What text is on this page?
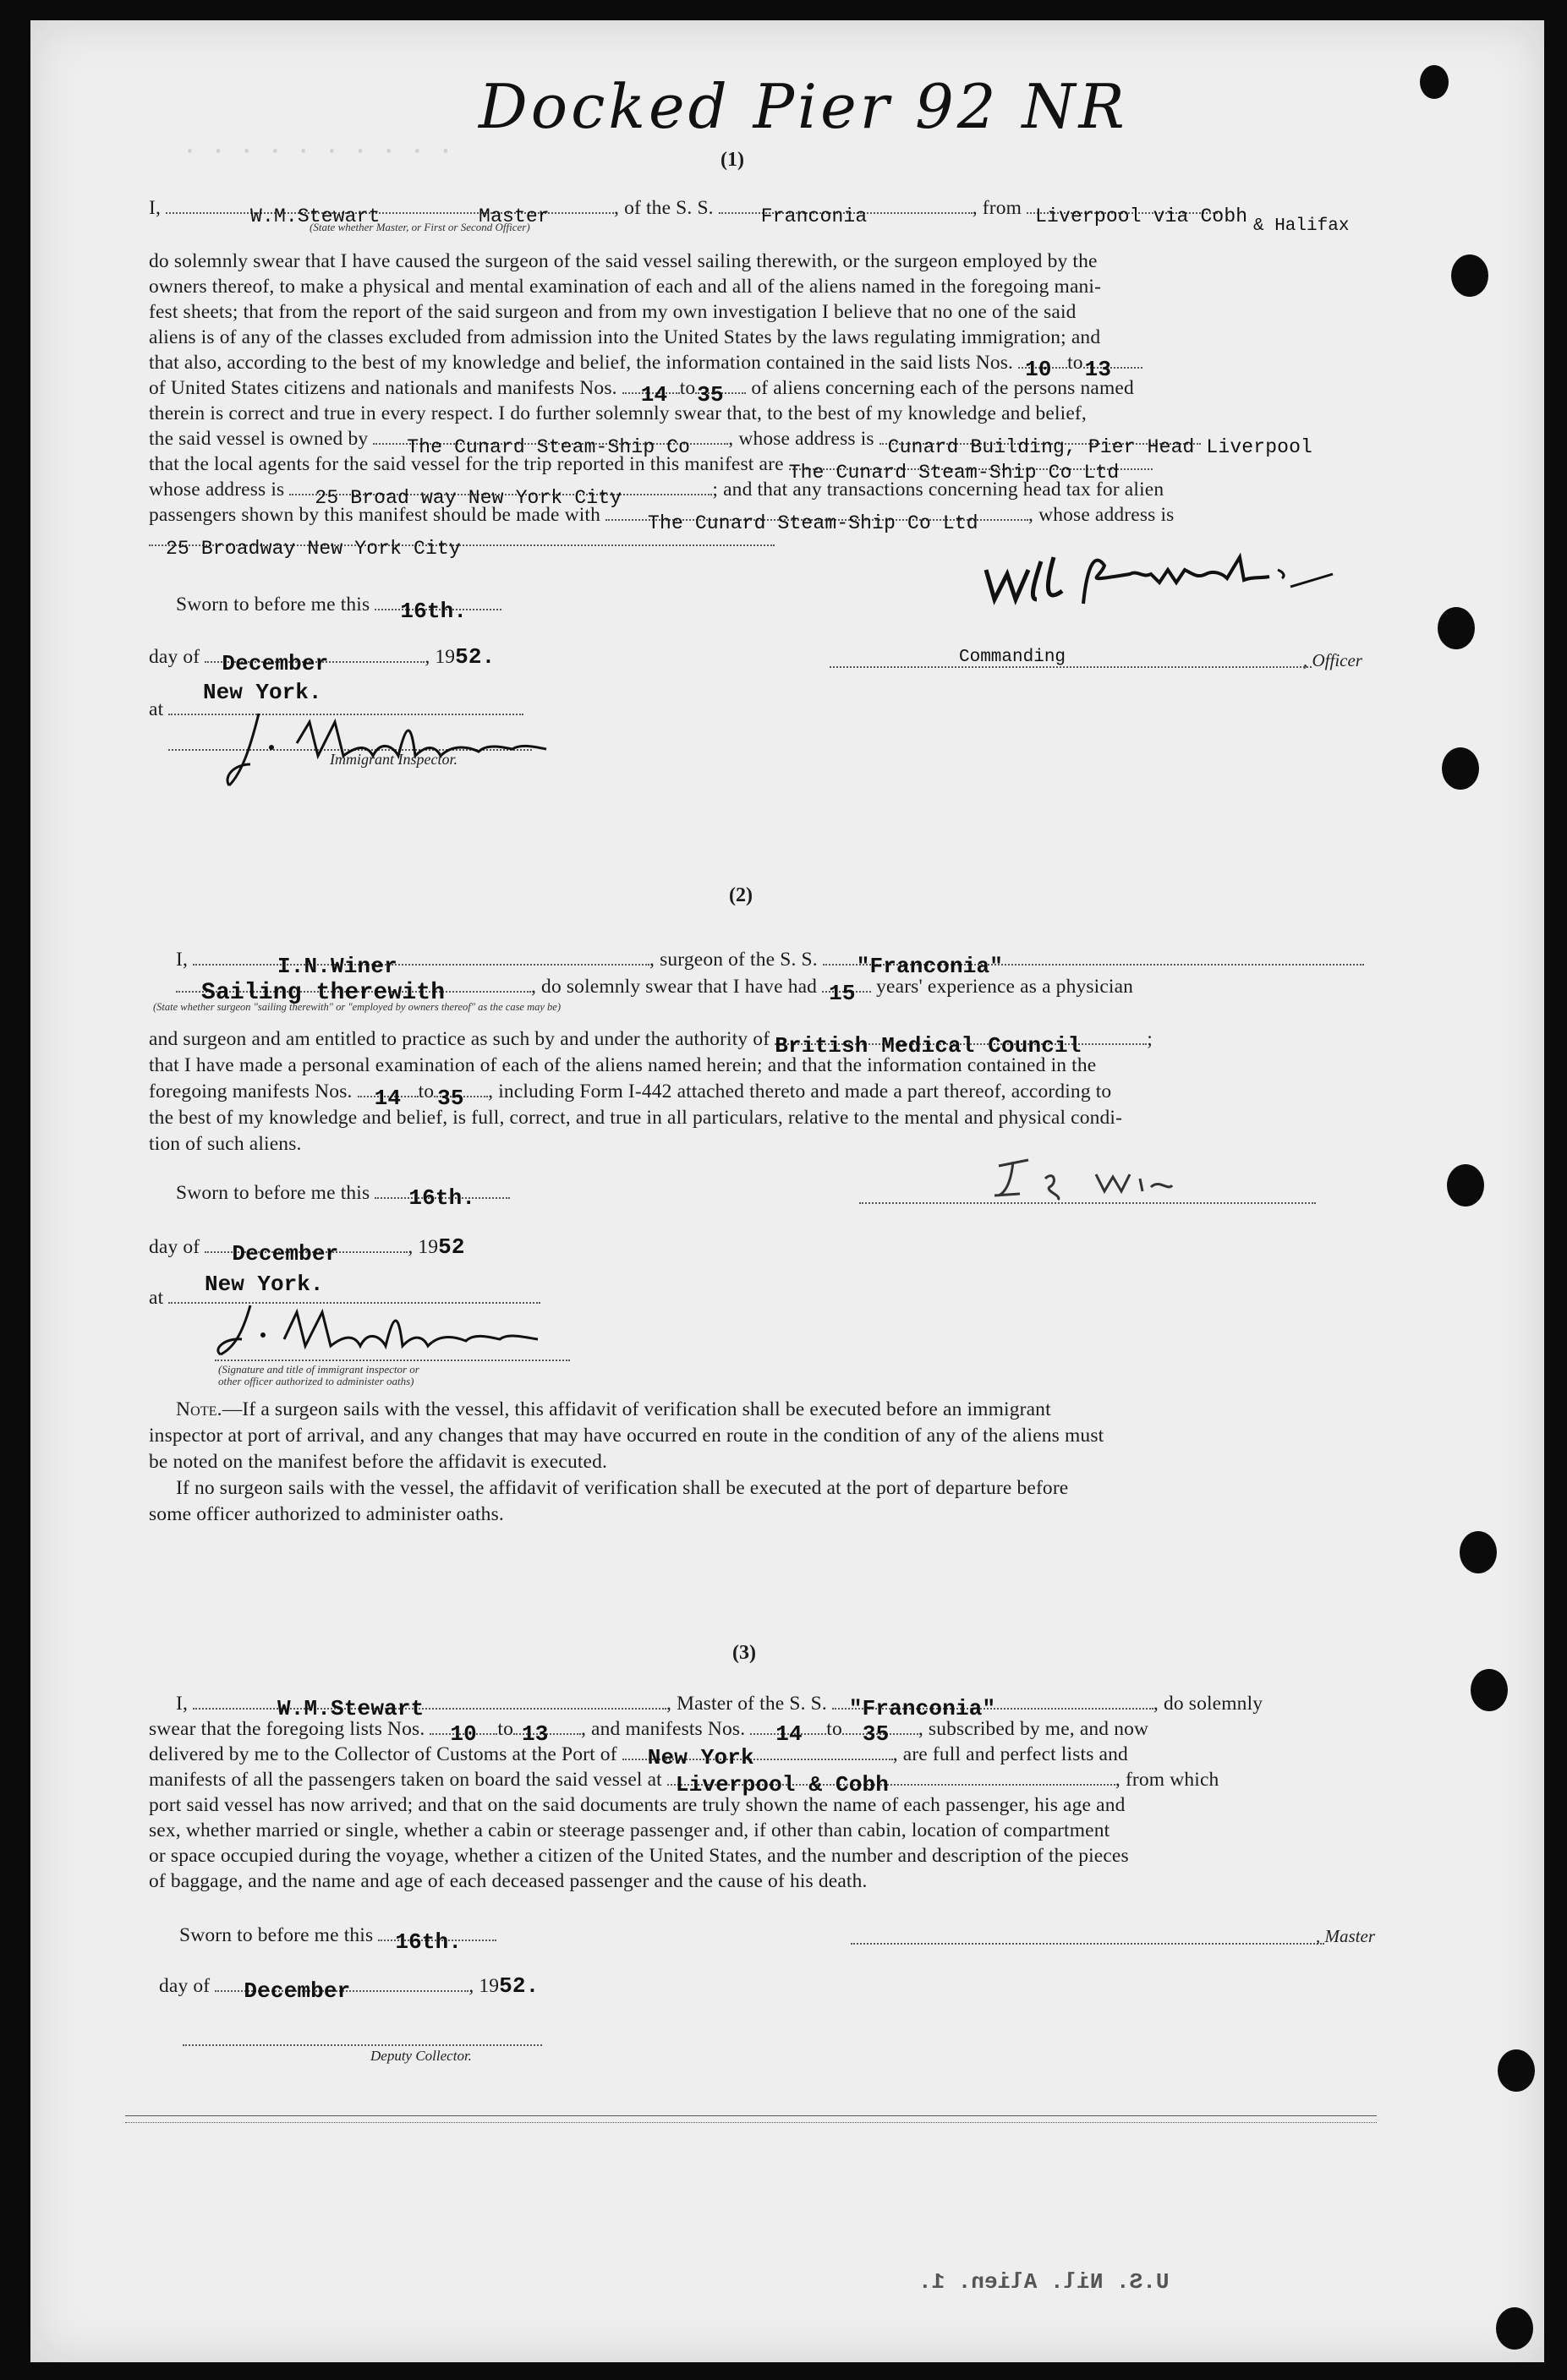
· · · · · · · · · ·
Docked Pier 92 NR
(1)
I,	W.M.Stewart	Master	, of the S. S. Franconia	, from Liverpool via Cobh
(State whether Master, or First or Second Officer)	& Halifax
do solemnly swear that I have caused the surgeon of the said vessel sailing therewith, or the surgeon employed by the
owners thereof, to make a physical and mental examination of each and all of the aliens named in the foregoing mani-
fest sheets; that from the report of the said surgeon and from my own investigation I believe that no one of the said
aliens is of any of the classes excluded from admission into the United States by the laws regulating immigration; and
that also, according to the best of my knowledge and belief, the information contained in the said lists Nos. 10 to 13
of United States citizens and nationals and manifests Nos. 14 to 35 of aliens concerning each of the persons named
therein is correct and true in every respect. I do further solemnly swear that, to the best of my knowledge and belief,
the said vessel is owned by The Cunard Steam-Ship Co , whose address is Cunard Building, Pier Head Liverpool
that the local agents for the said vessel for the trip reported in this manifest are The Cunard Steam-Ship Co Ltd
whose address is 25 Broad way New York City	; and that any transactions concerning head tax for alien
passengers shown by this manifest should be made with The Cunard Steam-Ship Co Ltd	, whose address is
25 Broadway New York City
Sworn to before me this 16th.
day of December	, 1952.
New York.
at
Immigrant Inspector.
Commanding	, Officer
(2)
I,	I.N.Winer	, surgeon of the S. S. "Franconia"
Sailing therewith	, do solemnly swear that I have had 15 years' experience as a physician
(State whether surgeon "sailing therewith" or "employed by owners thereof" as the case may be)
and surgeon and am entitled to practice as such by and under the authority of British Medical Council	;
that I have made a personal examination of each of the aliens named herein; and that the information contained in the
foregoing manifests Nos. 14 to 35 , including Form I-442 attached thereto and made a part thereof, according to
the best of my knowledge and belief, is full, correct, and true in all particulars, relative to the mental and physical condi-
tion of such aliens.
Sworn to before me this 16th.
day of December	, 1952
New York.
at
(Signature and title of immigrant inspector or
other officer authorized to administer oaths)
Note.—If a surgeon sails with the vessel, this affidavit of verification shall be executed before an immigrant
inspector at port of arrival, and any changes that may have occurred en route in the condition of any of the aliens must
be noted on the manifest before the affidavit is executed.
If no surgeon sails with the vessel, the affidavit of verification shall be executed at the port of departure before
some officer authorized to administer oaths.
(3)
I,	W.M.Stewart	, Master of the S. S. "Franconia"	, do solemnly
swear that the foregoing lists Nos. 10 to 13 , and manifests Nos. 14 to 35 , subscribed by me, and now
delivered by me to the Collector of Customs at the Port of New York	, are full and perfect lists and
manifests of all the passengers taken on board the said vessel at Liverpool & Cobh	, from which
port said vessel has now arrived; and that on the said documents are truly shown the name of each passenger, his age and
sex, whether married or single, whether a cabin or steerage passenger and, if other than cabin, location of compartment
or space occupied during the voyage, whether a citizen of the United States, and the number and description of the pieces
of baggage, and the name and age of each deceased passenger and the cause of his death.
Sworn to before me this 16th.	, Master
day of December	, 1952.
Deputy Collector.
U.S. Nil. Alien. 1.
